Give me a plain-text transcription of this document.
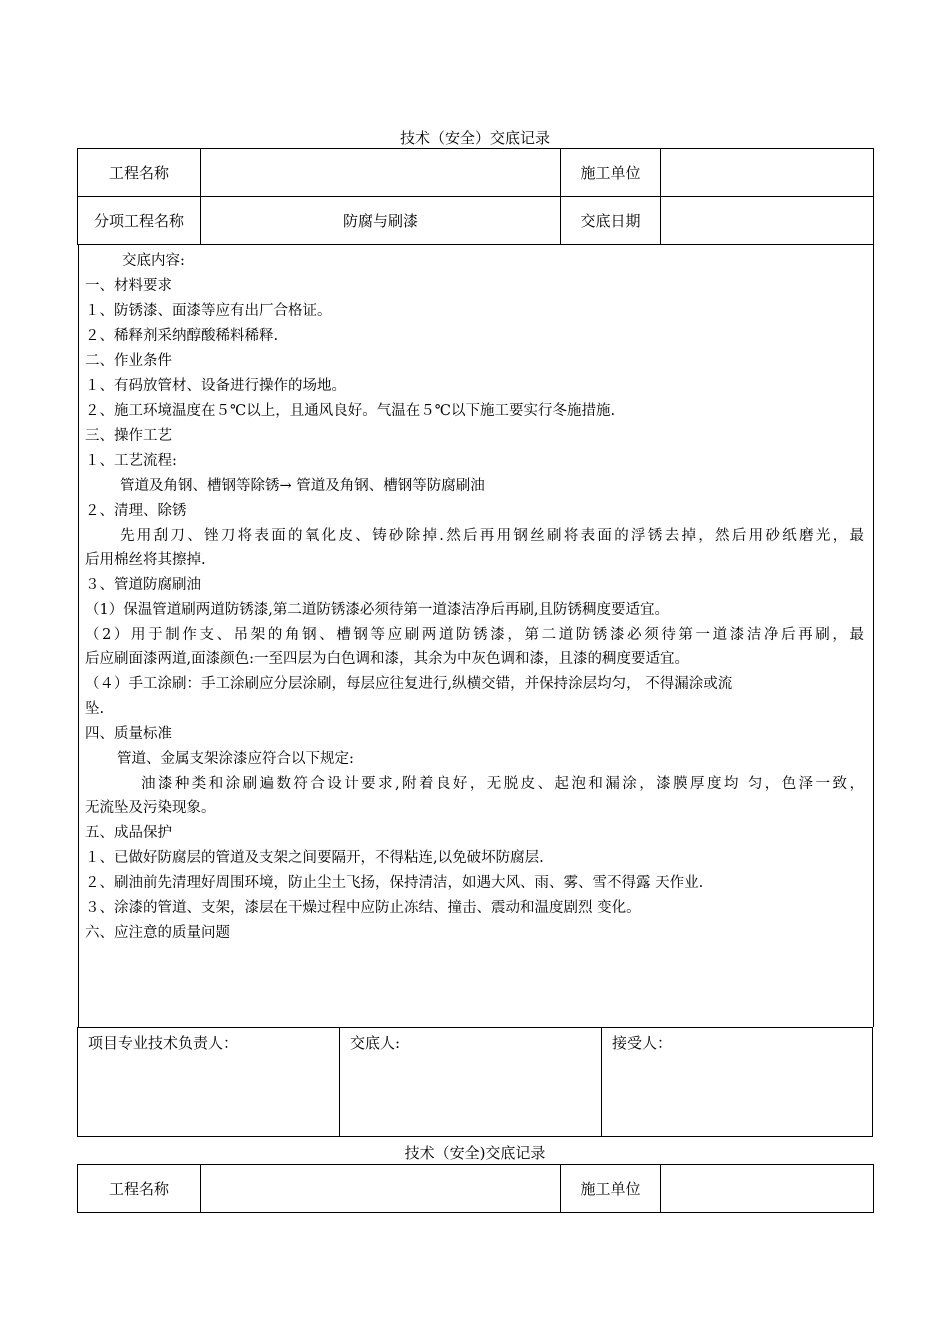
技术（安全）交底记录
工程名称		施工单位	
分项工程名称	防腐与刷漆	交底日期	
交底内容:
一、材料要求
１、防锈漆、面漆等应有出厂合格证。
２、稀释剂采纳醇酸稀料稀释.
二、作业条件
１、有码放管材、设备进行操作的场地。
２、施工环境温度在５℃以上，且通风良好。气温在５℃以下施工要实行冬施措施.
三、操作工艺
１、工艺流程:
管道及角钢、槽钢等除锈→ 管道及角钢、槽钢等防腐刷油
２、清理、除锈
先用刮刀、锉刀将表面的氧化皮、铸砂除掉.然后再用钢丝刷将表面的浮锈去掉，然后用砂纸磨光，最
后用棉丝将其擦掉.
３、管道防腐刷油
（1）保温管道刷两道防锈漆,第二道防锈漆必须待第一道漆洁净后再刷,且防锈稠度要适宜。
（2）用于制作支、吊架的角钢、槽钢等应刷两道防锈漆，第二道防锈漆必须待第一道漆洁净后再刷，最
后应刷面漆两道,面漆颜色:一至四层为白色调和漆，其余为中灰色调和漆，且漆的稠度要适宜。
（４）手工涂刷：手工涂刷应分层涂刷，每层应往复进行,纵横交错，并保持涂层均匀， 不得漏涂或流
坠.
四、质量标准
管道、金属支架涂漆应符合以下规定:
油漆种类和涂刷遍数符合设计要求,附着良好，无脱皮、起泡和漏涂，漆膜厚度均 匀，色泽一致，
无流坠及污染现象。
五、成品保护
１、已做好防腐层的管道及支架之间要隔开，不得粘连,以免破坏防腐层.
２、刷油前先清理好周围环境，防止尘土飞扬，保持清洁，如遇大风、雨、雾、雪不得露 天作业.
３、涂漆的管道、支架，漆层在干燥过程中应防止冻结、撞击、震动和温度剧烈 变化。
六、应注意的质量问题
项目专业技术负责人：	交底人:	接受人：
技术（安全)交底记录
工程名称		施工单位	
